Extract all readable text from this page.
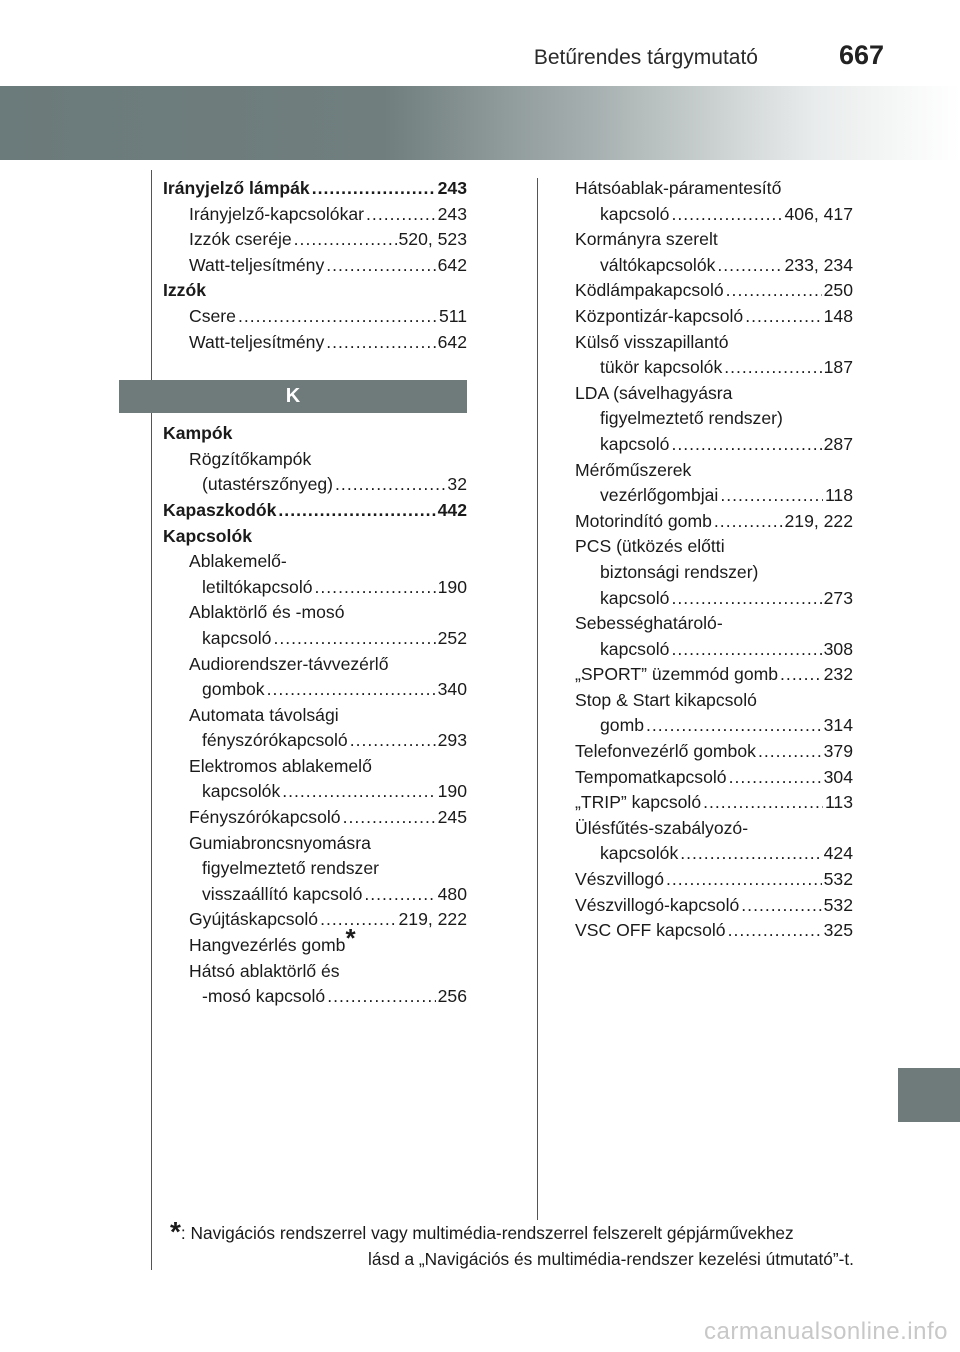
Betűrendes tárgymutató	667
Irányjelző lámpák .....	243
Irányjelző-kapcsolókar .....	243
Izzók cseréje .....	520, 523
Watt-teljesítmény .....	642
Izzók
Csere .....	511
Watt-teljesítmény .....	642
K
Kampók
Rögzítőkampók
(utastérszőnyeg) .....	32
Kapaszkodók .....	442
Kapcsolók
Ablakemelő-
letiltókapcsoló .....	190
Ablaktörlő és -mosó
kapcsoló .....	252
Audiorendszer-távvezérlő
gombok .....	340
Automata távolsági
fényszórókapcsoló .....	293
Elektromos ablakemelő
kapcsolók .....	190
Fényszórókapcsoló .....	245
Gumiabroncsnyomásra
figyelmeztető rendszer
visszaállító kapcsoló .....	480
Gyújtáskapcsoló .....	219, 222
Hangvezérlés gomb*
Hátsó ablaktörlő és
-mosó kapcsoló .....	256
Hátsóablak-páramentesítő
kapcsoló .....	406, 417
Kormányra szerelt
váltókapcsolók .....	233, 234
Ködlámpakapcsoló .....	250
Központizár-kapcsoló .....	148
Külső visszapillantó
tükör kapcsolók .....	187
LDA (sávelhagyásra
figyelmeztető rendszer)
kapcsoló .....	287
Mérőműszerek
vezérlőgombjai .....	118
Motorindító gomb .....	219, 222
PCS (ütközés előtti
biztonsági rendszer)
kapcsoló .....	273
Sebességhatároló-
kapcsoló .....	308
„SPORT” üzemmód gomb .....	232
Stop & Start kikapcsoló
gomb .....	314
Telefonvezérlő gombok .....	379
Tempomatkapcsoló .....	304
„TRIP” kapcsoló .....	113
Ülésfűtés-szabályozó-
kapcsolók .....	424
Vészvillogó .....	532
Vészvillogó-kapcsoló .....	532
VSC OFF kapcsoló .....	325
*: Navigációs rendszerrel vagy multimédia-rendszerrel felszerelt gépjárművekhez
lásd a „Navigációs és multimédia-rendszer kezelési útmutató”-t.
carmanualsonline.info
